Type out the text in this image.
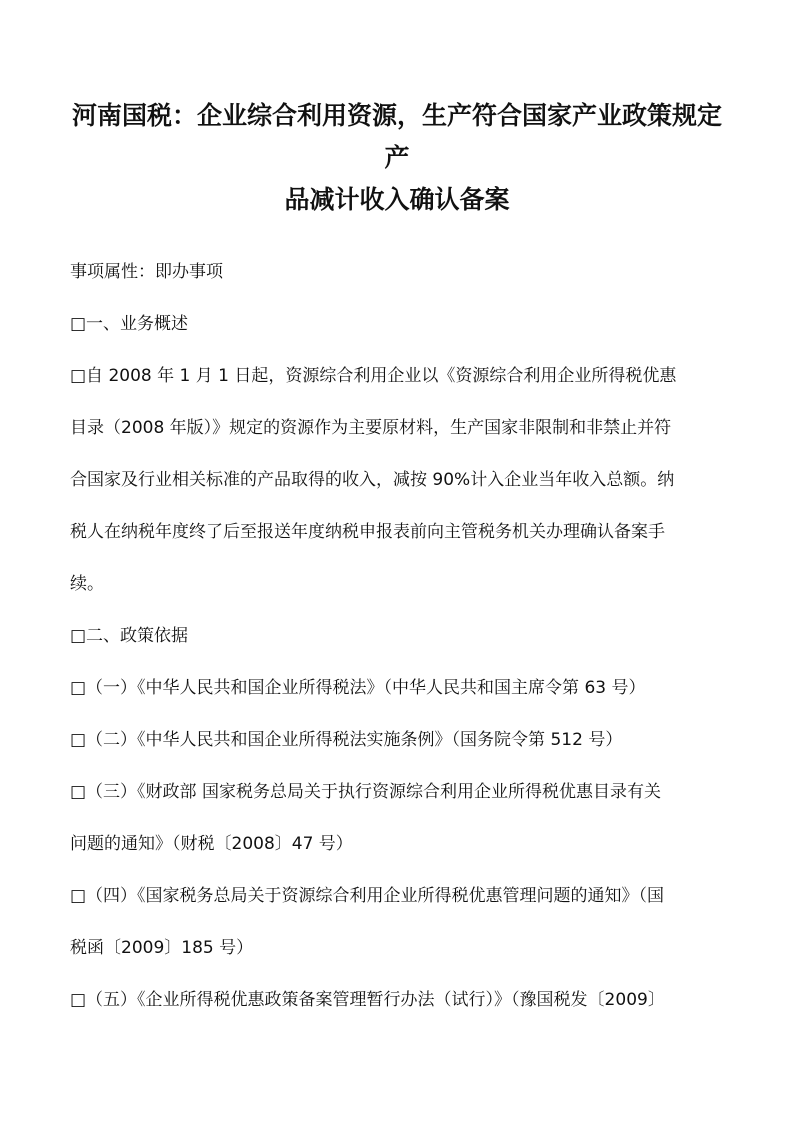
河南国税：企业综合利用资源，生产符合国家产业政策规定产
品减计收入确认备案
事项属性：即办事项
□一、业务概述
□自 2008 年 1 月 1 日起，资源综合利用企业以《资源综合利用企业所得税优惠
目录（2008 年版）》规定的资源作为主要原材料，生产国家非限制和非禁止并符
合国家及行业相关标准的产品取得的收入，减按 90%计入企业当年收入总额。纳
税人在纳税年度终了后至报送年度纳税申报表前向主管税务机关办理确认备案手
续。
□二、政策依据
□（一）《中华人民共和国企业所得税法》（中华人民共和国主席令第 63 号）
□（二）《中华人民共和国企业所得税法实施条例》（国务院令第 512 号）
□（三）《财政部 国家税务总局关于执行资源综合利用企业所得税优惠目录有关
问题的通知》（财税〔2008〕47 号）
□（四）《国家税务总局关于资源综合利用企业所得税优惠管理问题的通知》（国
税函〔2009〕185 号）
□（五）《企业所得税优惠政策备案管理暂行办法（试行）》（豫国税发〔2009〕
